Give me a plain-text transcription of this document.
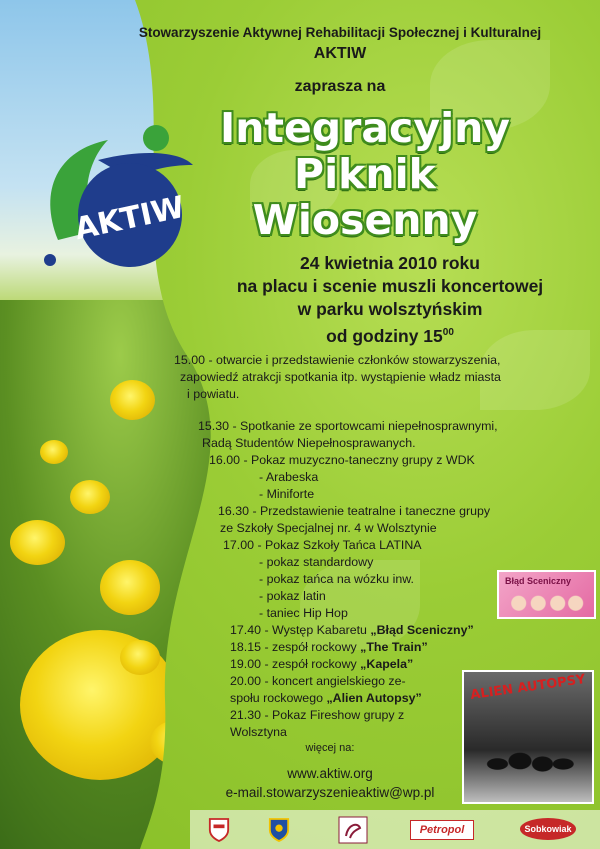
AKTIW
Stowarzyszenie Aktywnej Rehabilitacji Społecznej i Kulturalnej
AKTIW
zaprasza na
Integracyjny
Piknik
Wiosenny
24 kwietnia 2010 roku
na placu i scenie muszli koncertowej
w parku wolsztyńskim
od godziny $15^{00}$
15.00 - otwarcie i przedstawienie członków stowarzyszenia,
zapowiedź atrakcji spotkania itp. wystąpienie władz miasta
i powiatu.
15.30 - Spotkanie ze sportowcami niepełnosprawnymi,
Radą Studentów Niepełnosprawanych.
16.00 - Pokaz muzyczno-taneczny grupy z WDK
- Arabeska
- Miniforte
16.30 - Przedstawienie teatralne i taneczne grupy
ze Szkoły Specjalnej nr. 4 w Wolsztynie
17.00 - Pokaz Szkoły Tańca LATINA
- pokaz standardowy
- pokaz tańca na wózku inw.
- pokaz latin
- taniec Hip Hop
17.40 - Występ Kabaretu „Błąd Sceniczny”
18.15 - zespół rockowy „The Train”
19.00 - zespół rockowy „Kapela”
20.00 - koncert angielskiego ze-
społu rockowego „Alien Autopsy”
21.30 - Pokaz Fireshow grupy z
Wolsztyna
Błąd Sceniczny
ALIEN AUTOPSY
więcej na:
www.aktiw.org
e-mail.stowarzyszenieaktiw@wp.pl
Petropol	Sobkowiak
